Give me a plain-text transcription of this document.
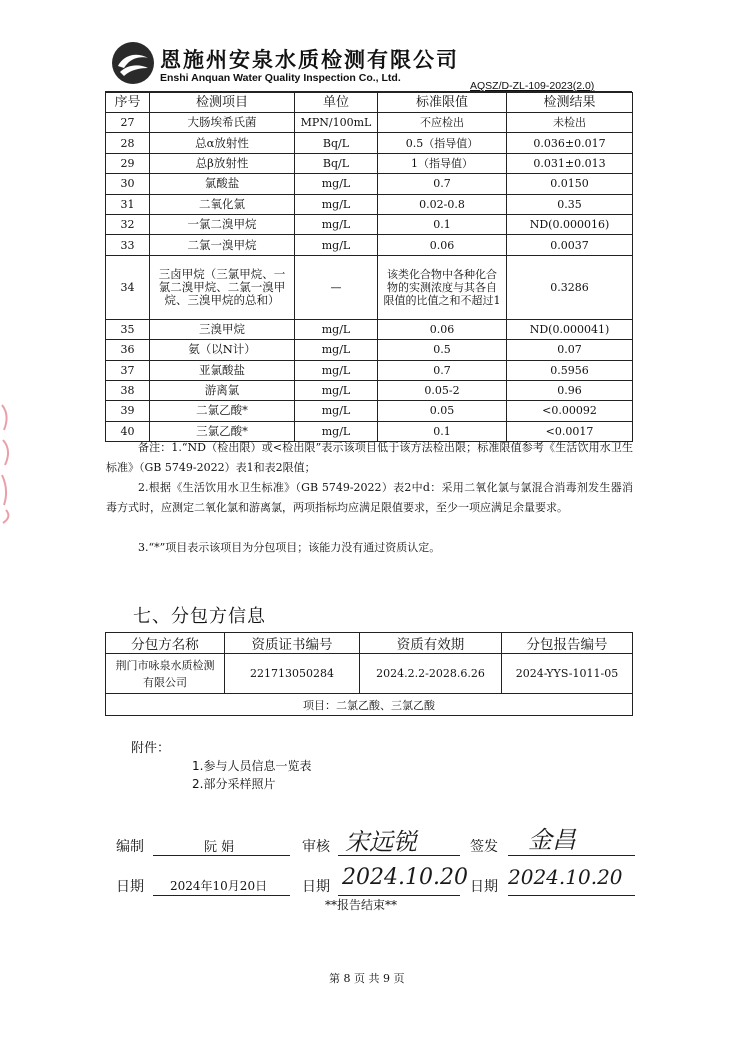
恩施州安泉水质检测有限公司
Enshi Anquan Water Quality Inspection Co., Ltd.
AQSZ/D-ZL-109-2023(2.0)
序号	检测项目	单位	标准限值	检测结果
27	大肠埃希氏菌	MPN/100mL	不应检出	未检出
28	总α放射性	Bq/L	0.5（指导值）	0.036±0.017
29	总β放射性	Bq/L	1（指导值）	0.031±0.013
30	氯酸盐	mg/L	0.7	0.0150
31	二氧化氯	mg/L	0.02-0.8	0.35
32	一氯二溴甲烷	mg/L	0.1	ND(0.000016)
33	二氯一溴甲烷	mg/L	0.06	0.0037
34	三卤甲烷（三氯甲烷、一氯二溴甲烷、二氯一溴甲烷、三溴甲烷的总和）	—	该类化合物中各种化合物的实测浓度与其各自限值的比值之和不超过1	0.3286
35	三溴甲烷	mg/L	0.06	ND(0.000041)
36	氨（以N计）	mg/L	0.5	0.07
37	亚氯酸盐	mg/L	0.7	0.5956
38	游离氯	mg/L	0.05-2	0.96
39	二氯乙酸*	mg/L	0.05	<0.00092
40	三氯乙酸*	mg/L	0.1	<0.0017
备注：1.“ND（检出限）或<检出限”表示该项目低于该方法检出限；标准限值参考《生活饮用水卫生标准》（GB 5749-2022）表1和表2限值；
2.根据《生活饮用水卫生标准》（GB 5749-2022）表2中d：采用二氧化氯与氯混合消毒剂发生器消毒方式时，应测定二氧化氯和游离氯，两项指标均应满足限值要求，至少一项应满足余量要求。
3.“*”项目表示该项目为分包项目；该能力没有通过资质认定。
七、分包方信息
分包方名称	资质证书编号	资质有效期	分包报告编号
荆门市咏泉水质检测有限公司	221713050284	2024.2.2-2028.6.26	2024-YYS-1011-05
项目：二氯乙酸、三氯乙酸			
附件：
1.参与人员信息一览表
2.部分采样照片
编制	阮 娟	审核 宋远锐	签发 金昌
日期 2024年10月20日 日期 2024.10.20 日期 2024.10.20
**报告结束**
第 8 页 共 9 页
